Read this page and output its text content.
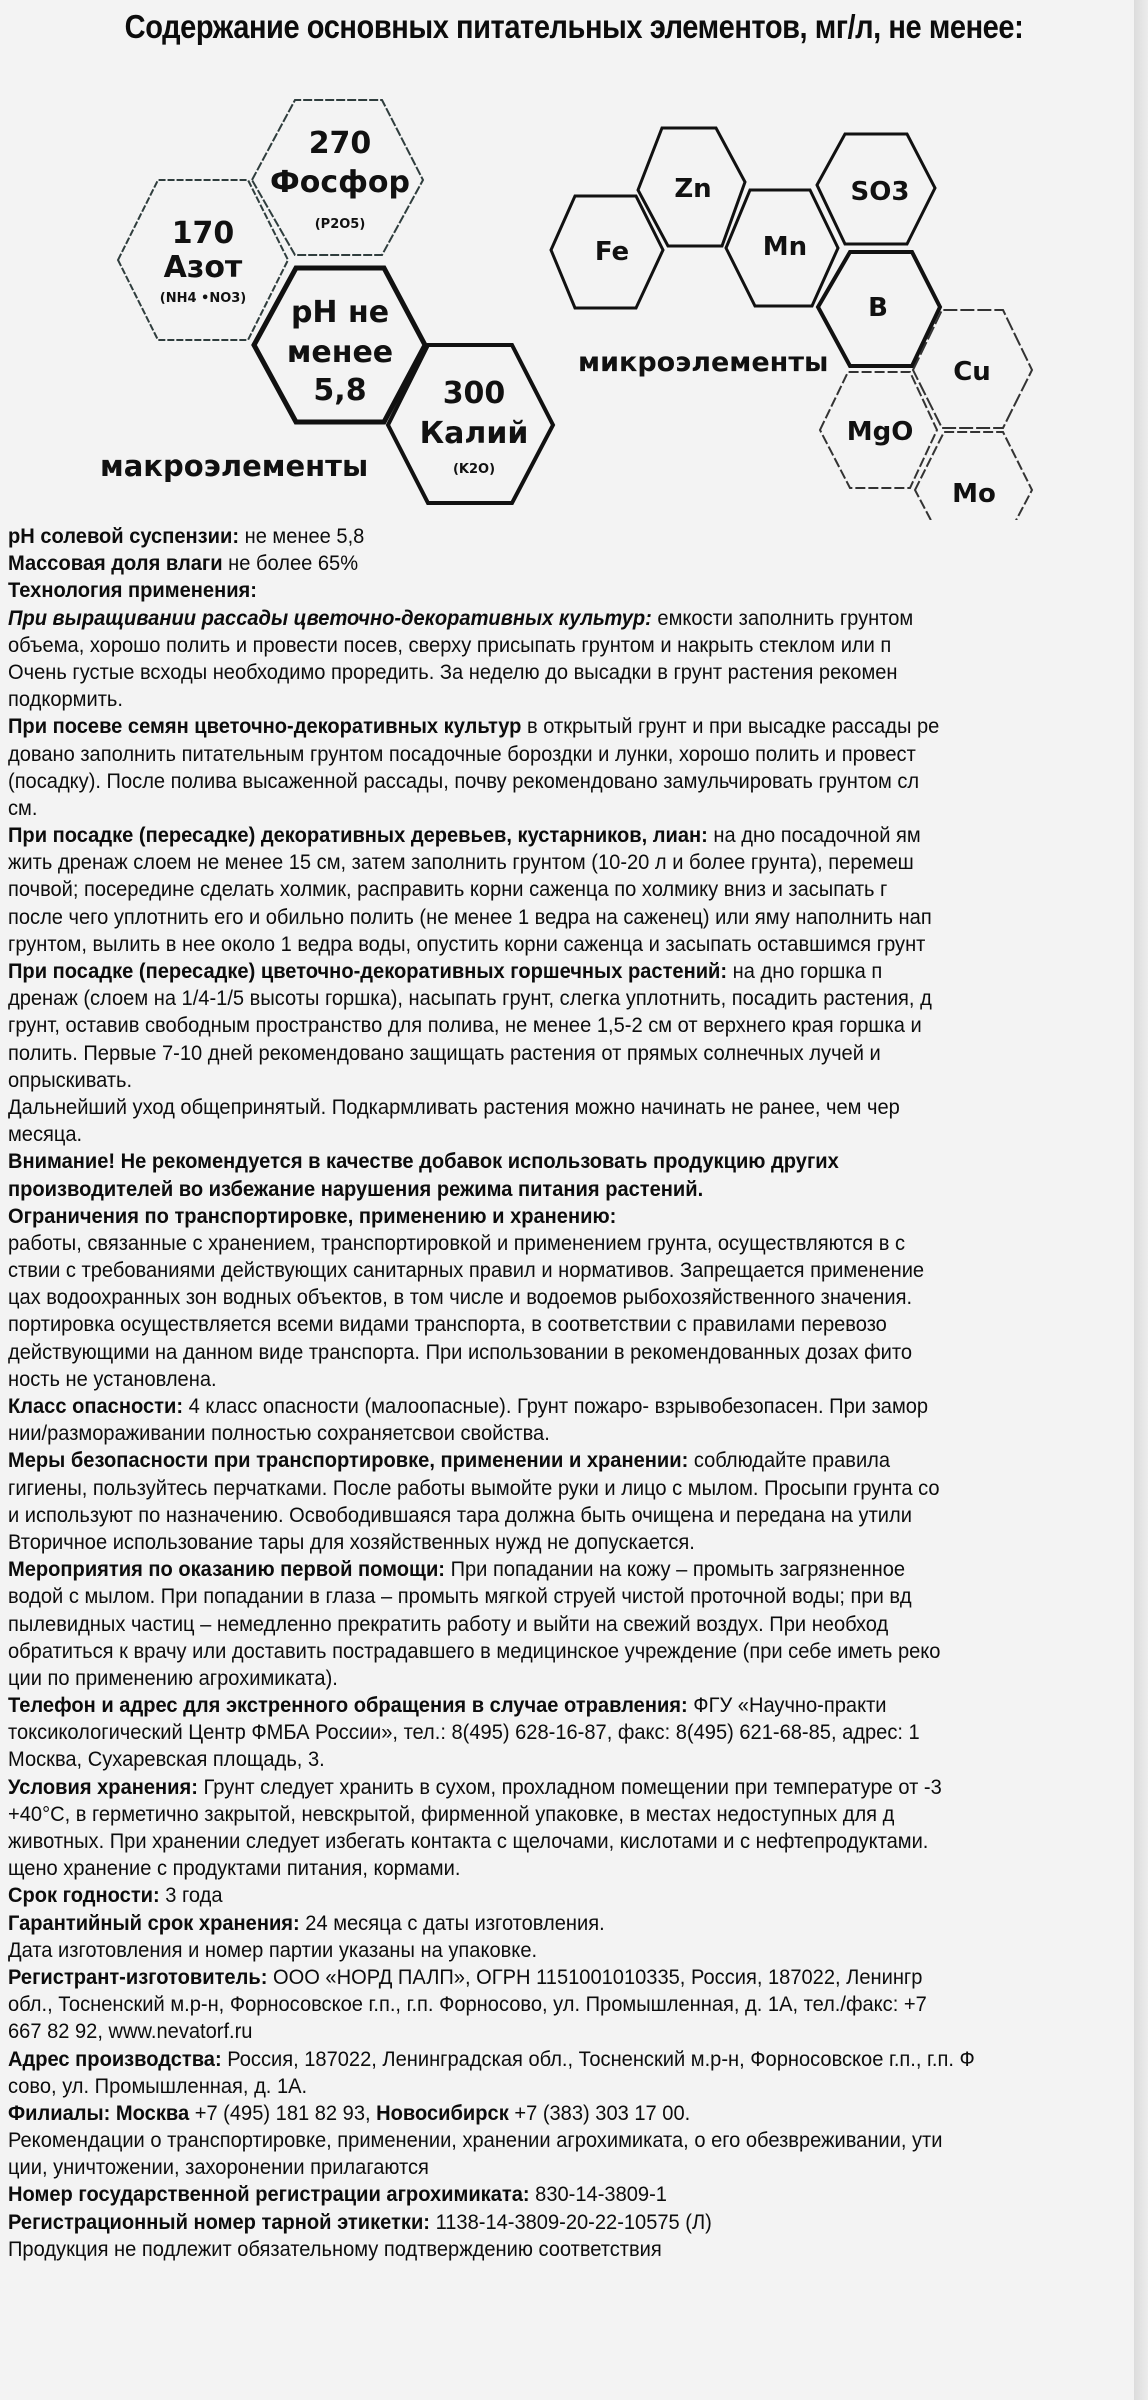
Содержание основных питательных элементов, мг/л, не менее:
170
Азот
(NH4 •NO3)
270
Фосфор
(P2O5)
pH не
менее
5,8	300
Калий
(K2O)
макроэлементы
Fe
Zn
Mn
SO3
B
Cu
MgO
Mo
микроэлементы
pH солевой суспензии: не менее 5,8
Массовая доля влаги не более 65%
Технология применения:
При выращивании рассады цветочно-декоративных культур: емкости заполнить грунтом
объема, хорошо полить и провести посев, сверху присыпать грунтом и накрыть стеклом или п
Очень густые всходы необходимо проредить. За неделю до высадки в грунт растения рекомен
подкормить.
При посеве семян цветочно-декоративных культур в открытый грунт и при высадке рассады ре
довано заполнить питательным грунтом посадочные бороздки и лунки, хорошо полить и провест
(посадку). После полива высаженной рассады, почву рекомендовано замульчировать грунтом сл
см.
При посадке (пересадке) декоративных деревьев, кустарников, лиан: на дно посадочной ям
жить дренаж слоем не менее 15 см, затем заполнить грунтом (10-20 л и более грунта), перемеш
почвой; посередине сделать холмик, расправить корни саженца по холмику вниз и засыпать г
после чего уплотнить его и обильно полить (не менее 1 ведра на саженец) или яму наполнить нап
грунтом, вылить в нее около 1 ведра воды, опустить корни саженца и засыпать оставшимся грунт
При посадке (пересадке) цветочно-декоративных горшечных растений: на дно горшка п
дренаж (слоем на 1/4-1/5 высоты горшка), насыпать грунт, слегка уплотнить, посадить растения, д
грунт, оставив свободным пространство для полива, не менее 1,5-2 см от верхнего края горшка и
полить. Первые 7-10 дней рекомендовано защищать растения от прямых солнечных лучей и
опрыскивать.
Дальнейший уход общепринятый. Подкармливать растения можно начинать не ранее, чем чер
месяца.
Внимание! Не рекомендуется в качестве добавок использовать продукцию других
производителей во избежание нарушения режима питания растений.
Ограничения по транспортировке, применению и хранению:
работы, связанные с хранением, транспортировкой и применением грунта, осуществляются в с
ствии с требованиями действующих санитарных правил и нормативов. Запрещается применение
цах водоохранных зон водных объектов, в том числе и водоемов рыбохозяйственного значения.
портировка осуществляется всеми видами транспорта, в соответствии с правилами перевозо
действующими на данном виде транспорта. При использовании в рекомендованных дозах фито
ность не установлена.
Класс опасности: 4 класс опасности (малоопасные). Грунт пожаро- взрывобезопасен. При замор
нии/размораживании полностью сохраняетсвои свойства.
Меры безопасности при транспортировке, применении и хранении: соблюдайте правила
гигиены, пользуйтесь перчатками. После работы вымойте руки и лицо с мылом. Просыпи грунта со
и используют по назначению. Освободившаяся тара должна быть очищена и передана на утили
Вторичное использование тары для хозяйственных нужд не допускается.
Мероприятия по оказанию первой помощи: При попадании на кожу – промыть загрязненное
водой с мылом. При попадании в глаза – промыть мягкой струей чистой проточной воды; при вд
пылевидных частиц – немедленно прекратить работу и выйти на свежий воздух. При необход
обратиться к врачу или доставить пострадавшего в медицинское учреждение (при себе иметь реко
ции по применению агрохимиката).
Телефон и адрес для экстренного обращения в случае отравления: ФГУ «Научно-практи
токсикологический Центр ФМБА России», тел.: 8(495) 628-16-87, факс: 8(495) 621-68-85, адрес: 1
Москва, Сухаревская площадь, 3.
Условия хранения: Грунт следует хранить в сухом, прохладном помещении при температуре от -3
+40°С, в герметично закрытой, невскрытой, фирменной упаковке, в местах недоступных для д
животных. При хранении следует избегать контакта с щелочами, кислотами и с нефтепродуктами.
щено хранение с продуктами питания, кормами.
Срок годности: 3 года
Гарантийный срок хранения: 24 месяца с даты изготовления.
Дата изготовления и номер партии указаны на упаковке.
Регистрант-изготовитель: ООО «НОРД ПАЛП», ОГРН 1151001010335, Россия, 187022, Ленингр
обл., Тосненский м.р-н, Форносовское г.п., г.п. Форносово, ул. Промышленная, д. 1А, тел./факс: +7
667 82 92, www.nevatorf.ru
Адрес производства: Россия, 187022, Ленинградская обл., Тосненский м.р-н, Форносовское г.п., г.п. Ф
сово, ул. Промышленная, д. 1А.
Филиалы: Москва +7 (495) 181 82 93, Новосибирск +7 (383) 303 17 00.
Рекомендации о транспортировке, применении, хранении агрохимиката, о его обезвреживании, ути
ции, уничтожении, захоронении прилагаются
Номер государственной регистрации агрохимиката: 830-14-3809-1
Регистрационный номер тарной этикетки: 1138-14-3809-20-22-10575 (Л)
Продукция не подлежит обязательному подтверждению соответствия
